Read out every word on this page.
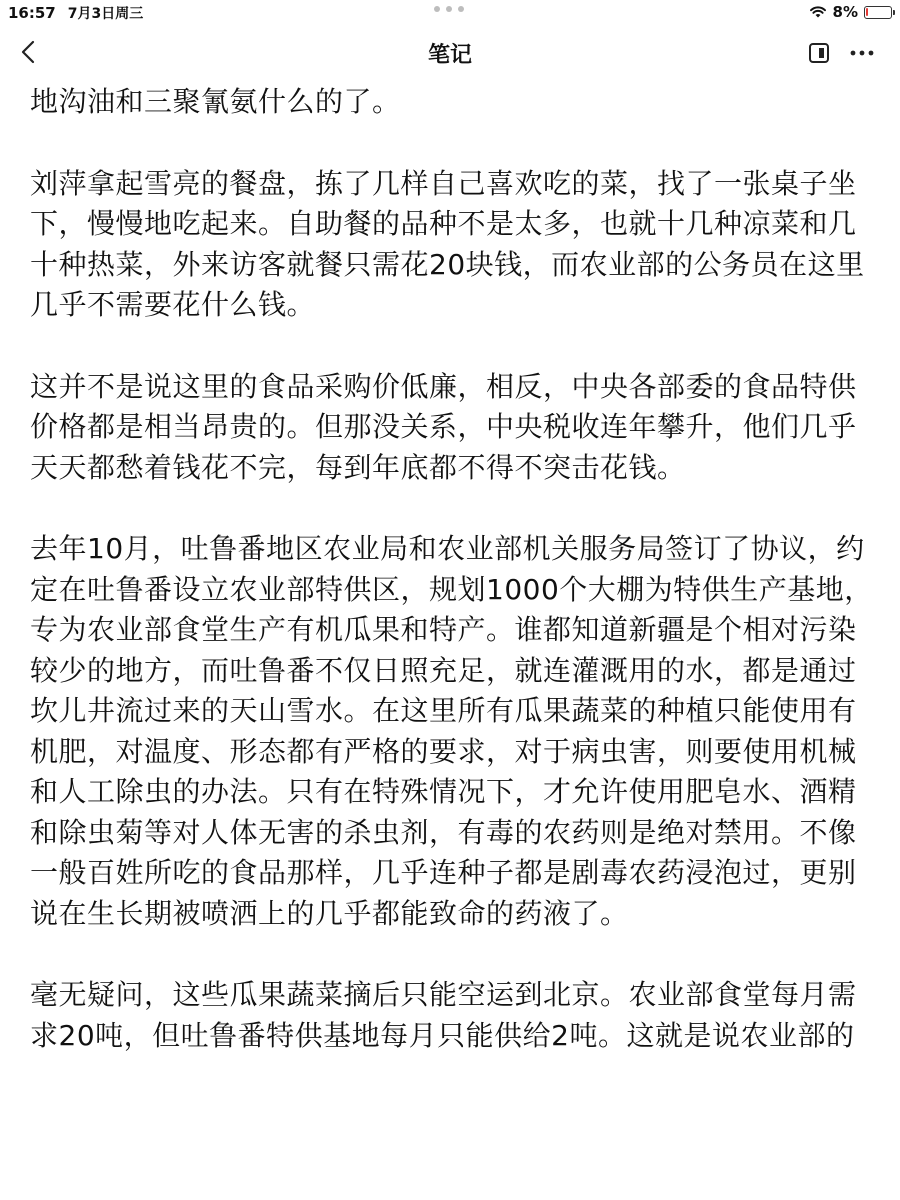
16:57 7月3日周三	8%
笔记

地沟油和三聚氰氨什么的了。

刘萍拿起雪亮的餐盘，拣了几样自己喜欢吃的菜，找了一张桌子坐下，慢慢地吃起来。自助餐的品种不是太多，也就十几种凉菜和几十种热菜，外来访客就餐只需花20块钱，而农业部的公务员在这里几乎不需要花什么钱。

这并不是说这里的食品采购价低廉，相反，中央各部委的食品特供价格都是相当昂贵的。但那没关系，中央税收连年攀升，他们几乎天天都愁着钱花不完，每到年底都不得不突击花钱。

去年10月，吐鲁番地区农业局和农业部机关服务局签订了协议，约定在吐鲁番设立农业部特供区，规划1000个大棚为特供生产基地，专为农业部食堂生产有机瓜果和特产。谁都知道新疆是个相对污染较少的地方，而吐鲁番不仅日照充足，就连灌溉用的水，都是通过坎儿井流过来的天山雪水。在这里所有瓜果蔬菜的种植只能使用有机肥，对温度、形态都有严格的要求，对于病虫害，则要使用机械和人工除虫的办法。只有在特殊情况下，才允许使用肥皂水、酒精和除虫菊等对人体无害的杀虫剂，有毒的农药则是绝对禁用。不像一般百姓所吃的食品那样，几乎连种子都是剧毒农药浸泡过，更别说在生长期被喷洒上的几乎都能致命的药液了。

毫无疑问，这些瓜果蔬菜摘后只能空运到北京。农业部食堂每月需求20吨，但吐鲁番特供基地每月只能供给2吨。这就是说农业部的
